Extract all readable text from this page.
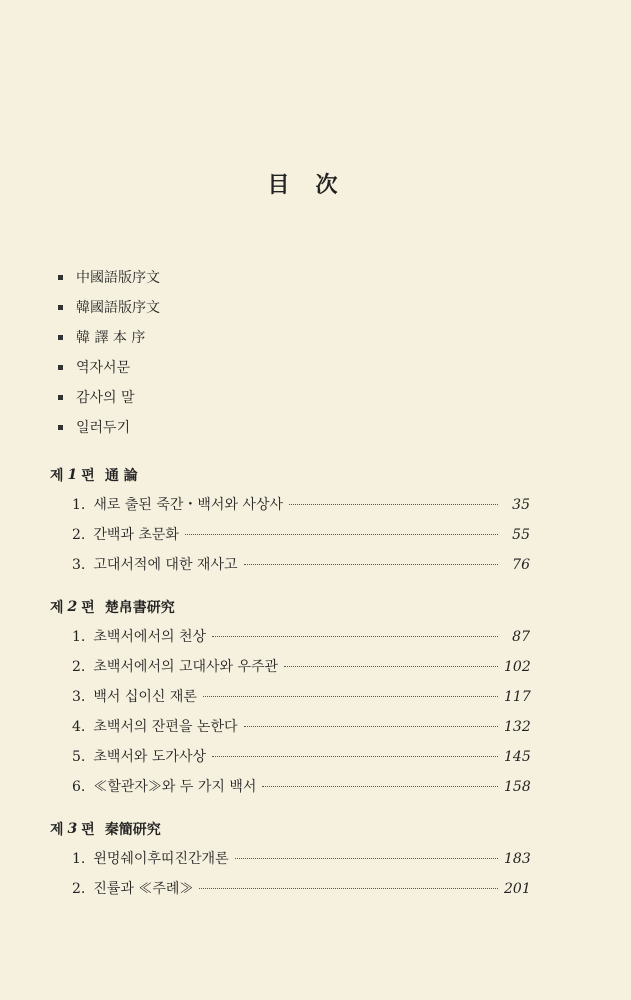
目次
中國語版序文
韓國語版序文
韓 譯 本 序
역자서문
감사의 말
일러두기
제 1 편 通 論
1. 새로 출된 죽간・백서와 사상사	35
2. 간백과 초문화	55
3. 고대서적에 대한 재사고	76
제 2 편 楚帛書研究
1. 초백서에서의 천상	87
2. 초백서에서의 고대사와 우주관	102
3. 백서 십이신 재론	117
4. 초백서의 잔편을 논한다	132
5. 초백서와 도가사상	145
6. ≪할관자≫와 두 가지 백서	158
제 3 편 秦簡研究
1. 윈멍쉐이후띠진간개론	183
2. 진률과 ≪주례≫	201
